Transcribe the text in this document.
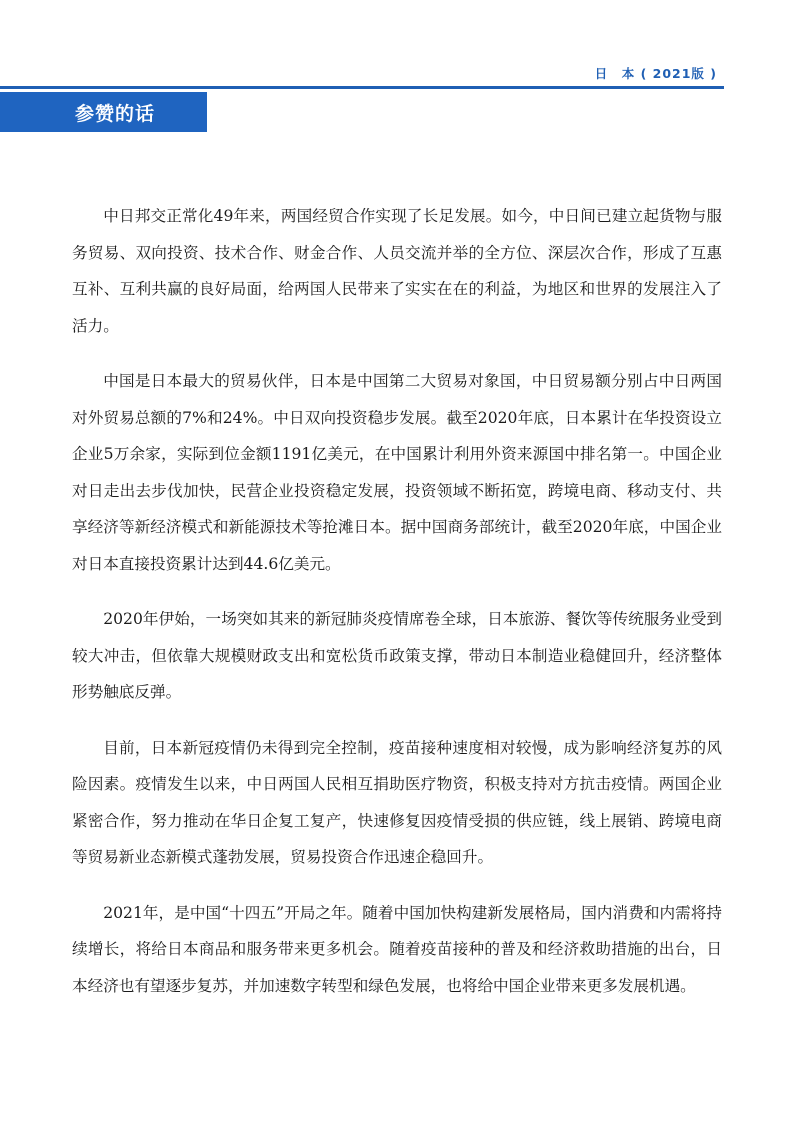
日　本 ( 2021版 )
参赞的话

中日邦交正常化49年来，两国经贸合作实现了长足发展。如今，中日间已建立起货物与服务贸易、双向投资、技术合作、财金合作、人员交流并举的全方位、深层次合作，形成了互惠互补、互利共赢的良好局面，给两国人民带来了实实在在的利益，为地区和世界的发展注入了活力。

中国是日本最大的贸易伙伴，日本是中国第二大贸易对象国，中日贸易额分别占中日两国对外贸易总额的7%和24%。中日双向投资稳步发展。截至2020年底，日本累计在华投资设立企业5万余家，实际到位金额1191亿美元，在中国累计利用外资来源国中排名第一。中国企业对日走出去步伐加快，民营企业投资稳定发展，投资领域不断拓宽，跨境电商、移动支付、共享经济等新经济模式和新能源技术等抢滩日本。据中国商务部统计，截至2020年底，中国企业对日本直接投资累计达到44.6亿美元。

2020年伊始，一场突如其来的新冠肺炎疫情席卷全球，日本旅游、餐饮等传统服务业受到较大冲击，但依靠大规模财政支出和宽松货币政策支撑，带动日本制造业稳健回升，经济整体形势触底反弹。

目前，日本新冠疫情仍未得到完全控制，疫苗接种速度相对较慢，成为影响经济复苏的风险因素。疫情发生以来，中日两国人民相互捐助医疗物资，积极支持对方抗击疫情。两国企业紧密合作，努力推动在华日企复工复产，快速修复因疫情受损的供应链，线上展销、跨境电商等贸易新业态新模式蓬勃发展，贸易投资合作迅速企稳回升。

2021年，是中国“十四五”开局之年。随着中国加快构建新发展格局，国内消费和内需将持续增长，将给日本商品和服务带来更多机会。随着疫苗接种的普及和经济救助措施的出台，日本经济也有望逐步复苏，并加速数字转型和绿色发展，也将给中国企业带来更多发展机遇。
